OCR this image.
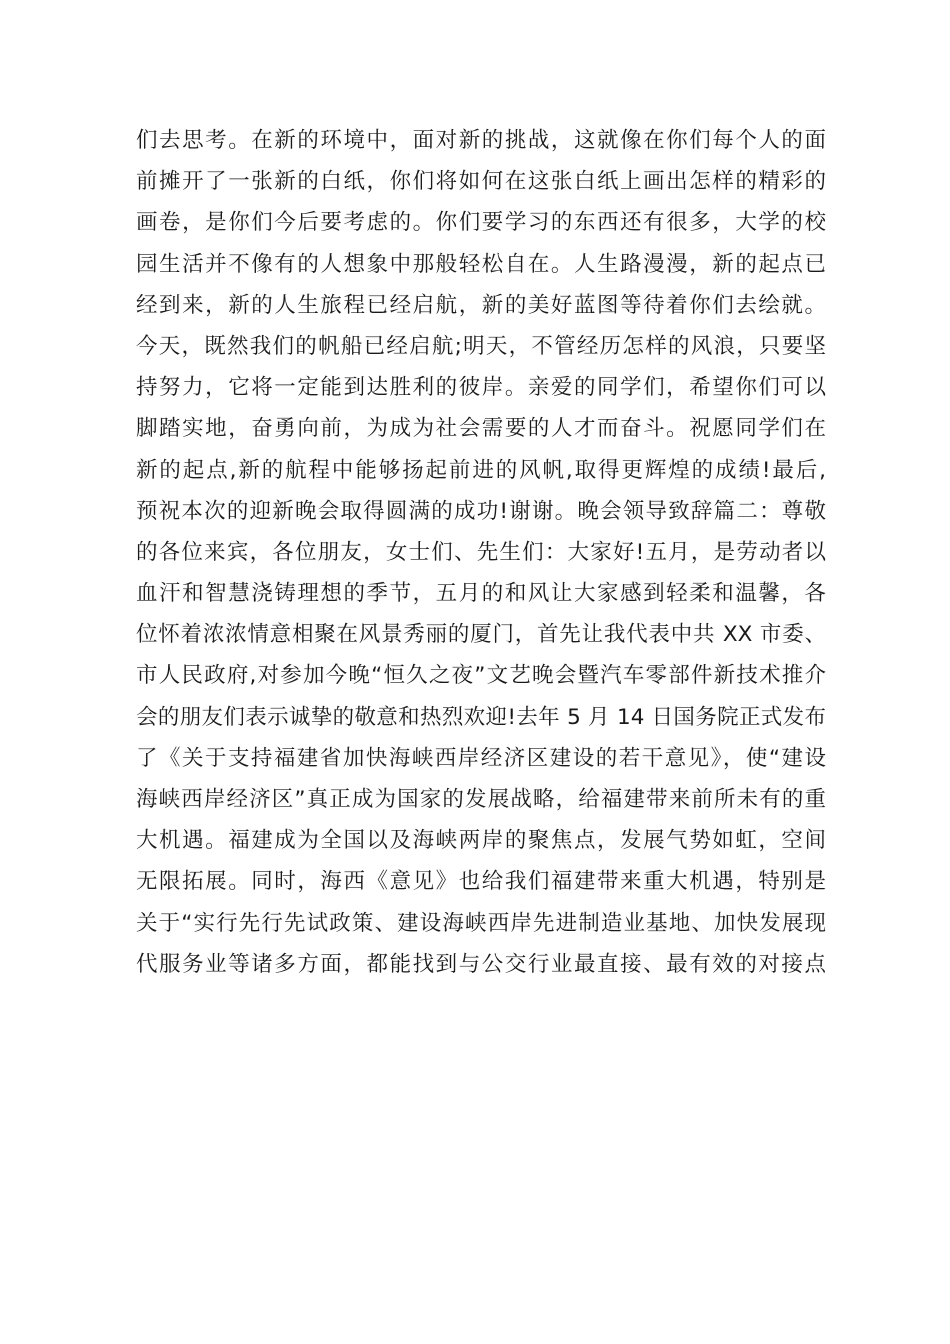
们去思考。在新的环境中，面对新的挑战，这就像在你们每个人的面
前摊开了一张新的白纸，你们将如何在这张白纸上画出怎样的精彩的
画卷，是你们今后要考虑的。你们要学习的东西还有很多，大学的校
园生活并不像有的人想象中那般轻松自在。人生路漫漫，新的起点已
经到来，新的人生旅程已经启航，新的美好蓝图等待着你们去绘就。
今天，既然我们的帆船已经启航;明天，不管经历怎样的风浪，只要坚
持努力，它将一定能到达胜利的彼岸。亲爱的同学们，希望你们可以
脚踏实地，奋勇向前，为成为社会需要的人才而奋斗。祝愿同学们在
新的起点,新的航程中能够扬起前进的风帆,取得更辉煌的成绩!最后,
预祝本次的迎新晚会取得圆满的成功!谢谢。晚会领导致辞篇二：尊敬
的各位来宾，各位朋友，女士们、先生们：大家好!五月，是劳动者以
血汗和智慧浇铸理想的季节，五月的和风让大家感到轻柔和温馨，各
位怀着浓浓情意相聚在风景秀丽的厦门，首先让我代表中共 XX 市委、
市人民政府,对参加今晚“恒久之夜”文艺晚会暨汽车零部件新技术推介
会的朋友们表示诚挚的敬意和热烈欢迎!去年 5 月 14 日国务院正式发布
了《关于支持福建省加快海峡西岸经济区建设的若干意见》，使“建设
海峡西岸经济区”真正成为国家的发展战略，给福建带来前所未有的重
大机遇。福建成为全国以及海峡两岸的聚焦点，发展气势如虹，空间
无限拓展。同时，海西《意见》也给我们福建带来重大机遇，特别是
关于“实行先行先试政策、建设海峡西岸先进制造业基地、加快发展现
代服务业等诸多方面，都能找到与公交行业最直接、最有效的对接点
